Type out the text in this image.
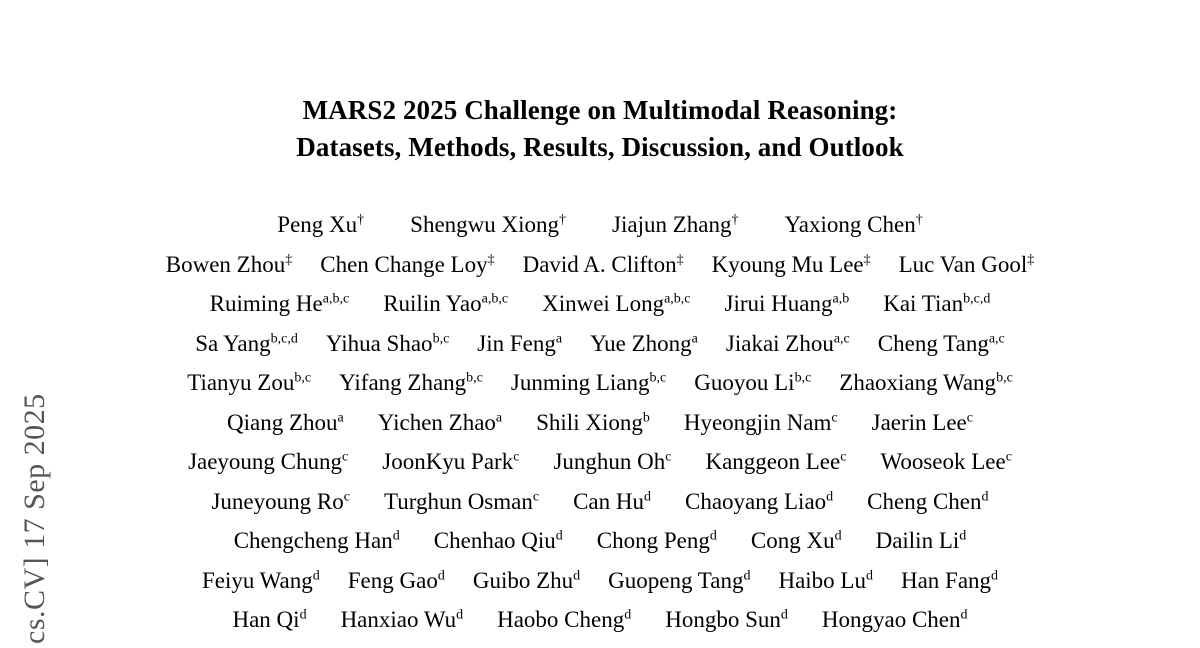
cs.CV] 17 Sep 2025
MARS2 2025 Challenge on Multimodal Reasoning:
Datasets, Methods, Results, Discussion, and Outlook
Peng Xu† Shengwu Xiong† Jiajun Zhang† Yaxiong Chen†
Bowen Zhou‡ Chen Change Loy‡ David A. Clifton‡ Kyoung Mu Lee‡ Luc Van Gool‡
Ruiming He$^{a,b,c}$ Ruilin Yao$^{a,b,c}$ Xinwei Long$^{a,b,c}$ Jirui Huang$^{a,b}$ Kai Tian$^{b,c,d}$
Sa Yang$^{b,c,d}$ Yihua Shao$^{b,c}$ Jin Feng$^a$ Yue Zhong$^a$ Jiakai Zhou$^{a,c}$ Cheng Tang$^{a,c}$
Tianyu Zou$^{b,c}$ Yifang Zhang$^{b,c}$ Junming Liang$^{b,c}$ Guoyou Li$^{b,c}$ Zhaoxiang Wang$^{b,c}$
Qiang Zhou$^a$ Yichen Zhao$^a$ Shili Xiong$^b$ Hyeongjin Nam$^c$ Jaerin Lee$^c$
Jaeyoung Chung$^c$ JoonKyu Park$^c$ Junghun Oh$^c$ Kanggeon Lee$^c$ Wooseok Lee$^c$
Juneyoung Ro$^c$ Turghun Osman$^c$ Can Hu$^d$ Chaoyang Liao$^d$ Cheng Chen$^d$
Chengcheng Han$^d$ Chenhao Qiu$^d$ Chong Peng$^d$ Cong Xu$^d$ Dailin Li$^d$
Feiyu Wang$^d$ Feng Gao$^d$ Guibo Zhu$^d$ Guopeng Tang$^d$ Haibo Lu$^d$ Han Fang$^d$
Han Qi$^d$ Hanxiao Wu$^d$ Haobo Cheng$^d$ Hongbo Sun$^d$ Hongyao Chen$^d$
